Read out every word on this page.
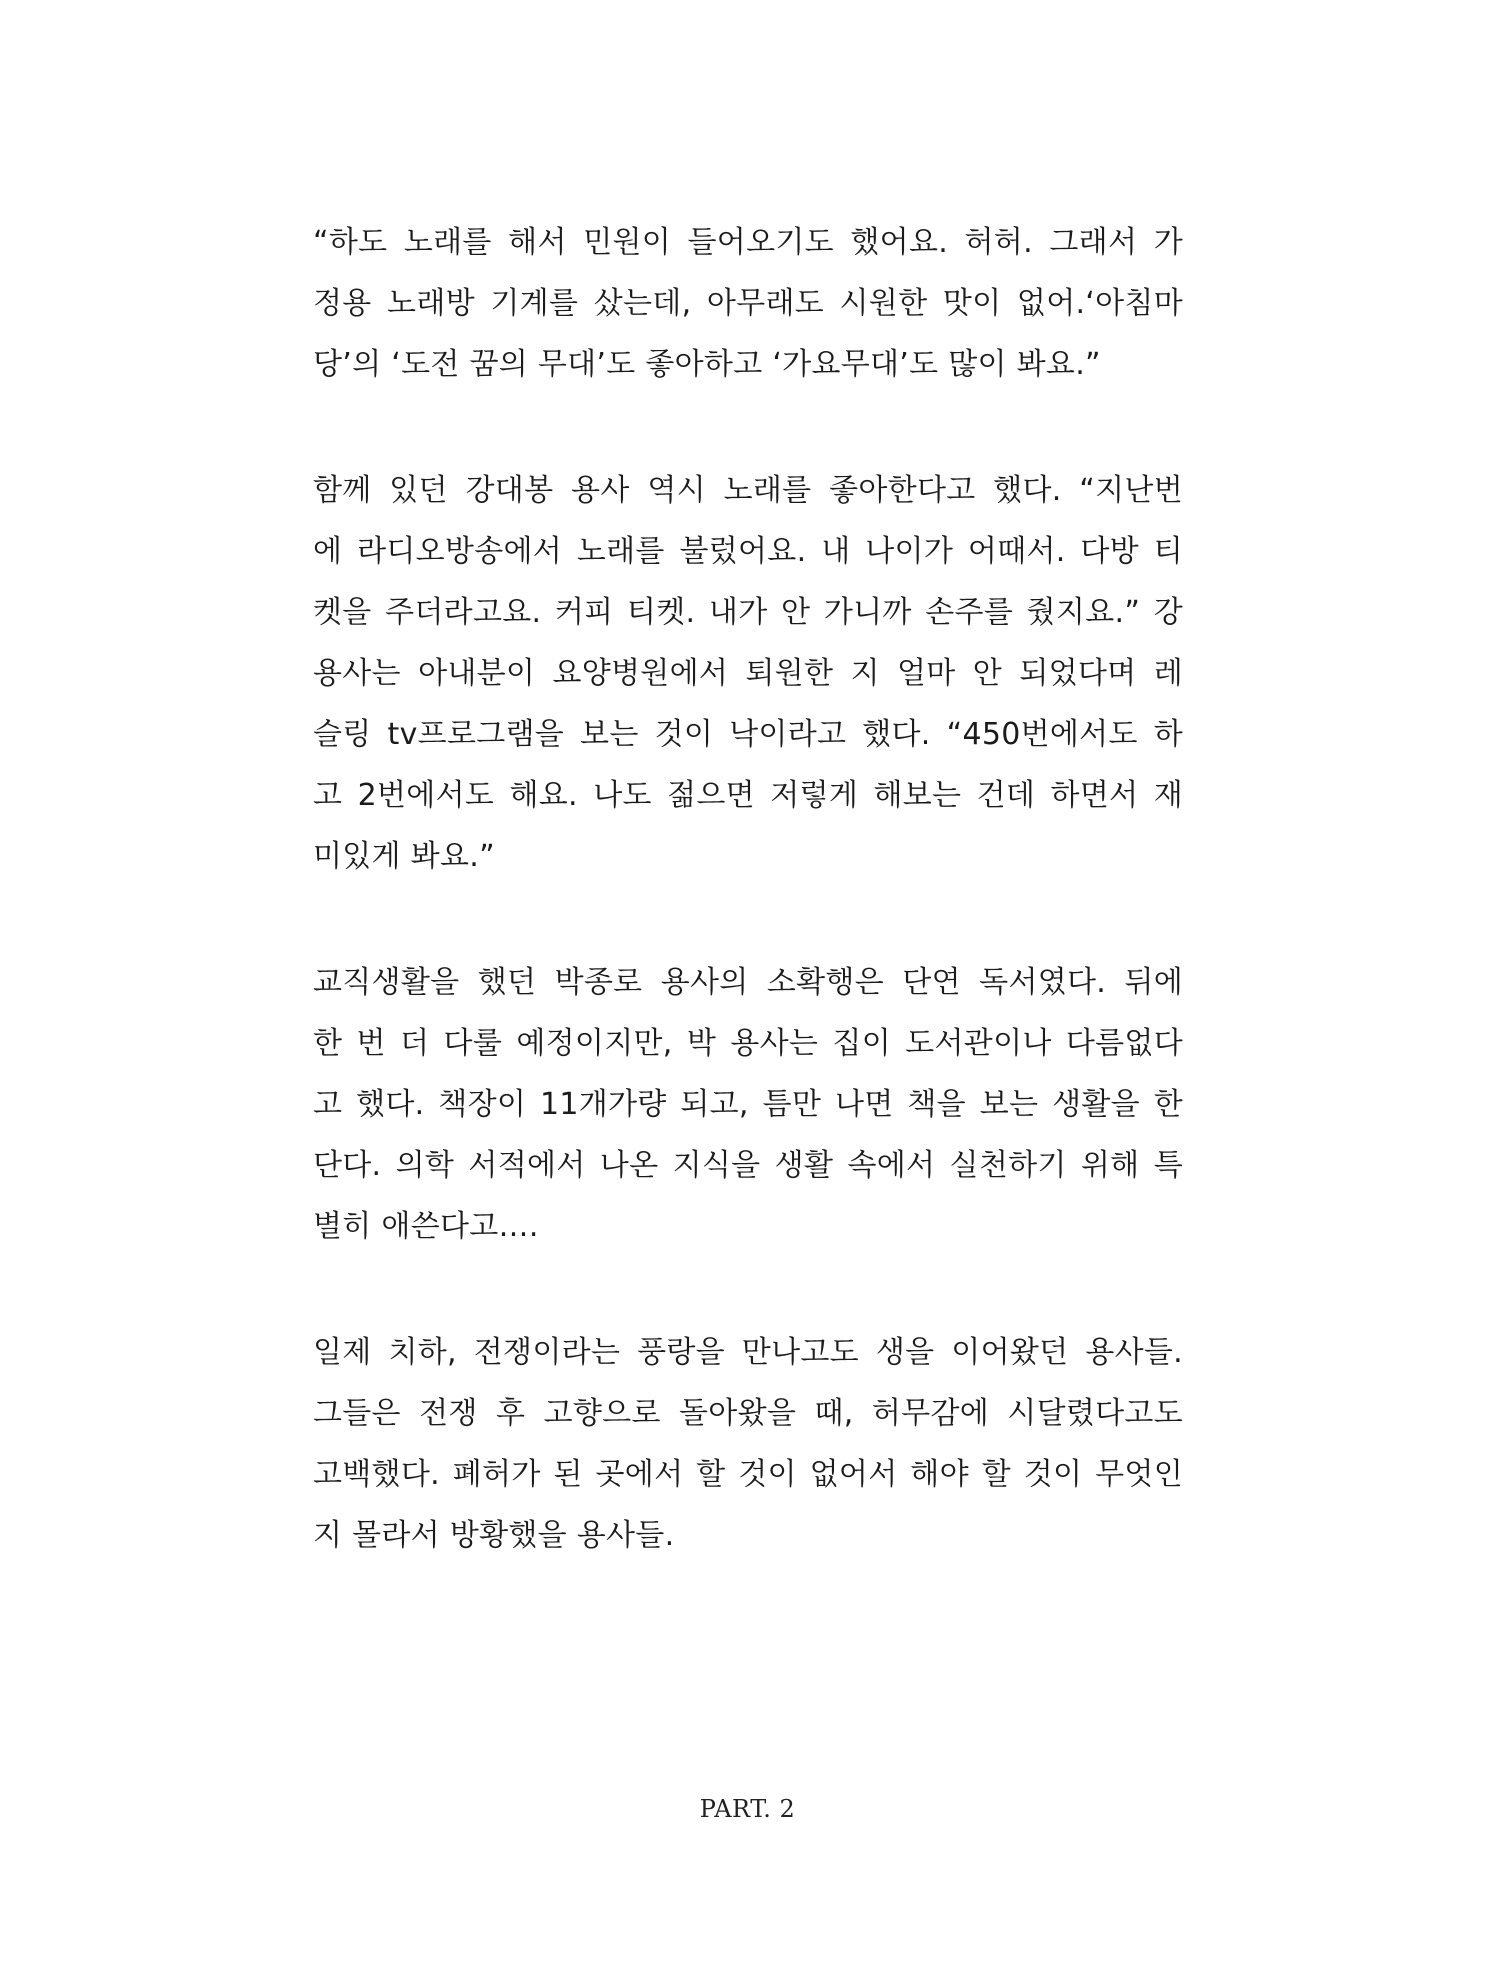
“하도 노래를 해서 민원이 들어오기도 했어요. 허허. 그래서 가
정용 노래방 기계를 샀는데, 아무래도 시원한 맛이 없어.‘아침마
당’의 ‘도전 꿈의 무대’도 좋아하고 ‘가요무대’도 많이 봐요.”
함께 있던 강대봉 용사 역시 노래를 좋아한다고 했다. “지난번
에 라디오방송에서 노래를 불렀어요. 내 나이가 어때서. 다방 티
켓을 주더라고요. 커피 티켓. 내가 안 가니까 손주를 줬지요.” 강
용사는 아내분이 요양병원에서 퇴원한 지 얼마 안 되었다며 레
슬링 tv프로그램을 보는 것이 낙이라고 했다. “450번에서도 하
고 2번에서도 해요. 나도 젊으면 저렇게 해보는 건데 하면서 재
미있게 봐요.”
교직생활을 했던 박종로 용사의 소확행은 단연 독서였다. 뒤에
한 번 더 다룰 예정이지만, 박 용사는 집이 도서관이나 다름없다
고 했다. 책장이 11개가량 되고, 틈만 나면 책을 보는 생활을 한
단다. 의학 서적에서 나온 지식을 생활 속에서 실천하기 위해 특
별히 애쓴다고….
일제 치하, 전쟁이라는 풍랑을 만나고도 생을 이어왔던 용사들.
그들은 전쟁 후 고향으로 돌아왔을 때, 허무감에 시달렸다고도
고백했다. 폐허가 된 곳에서 할 것이 없어서 해야 할 것이 무엇인
지 몰라서 방황했을 용사들.
PART. 2
